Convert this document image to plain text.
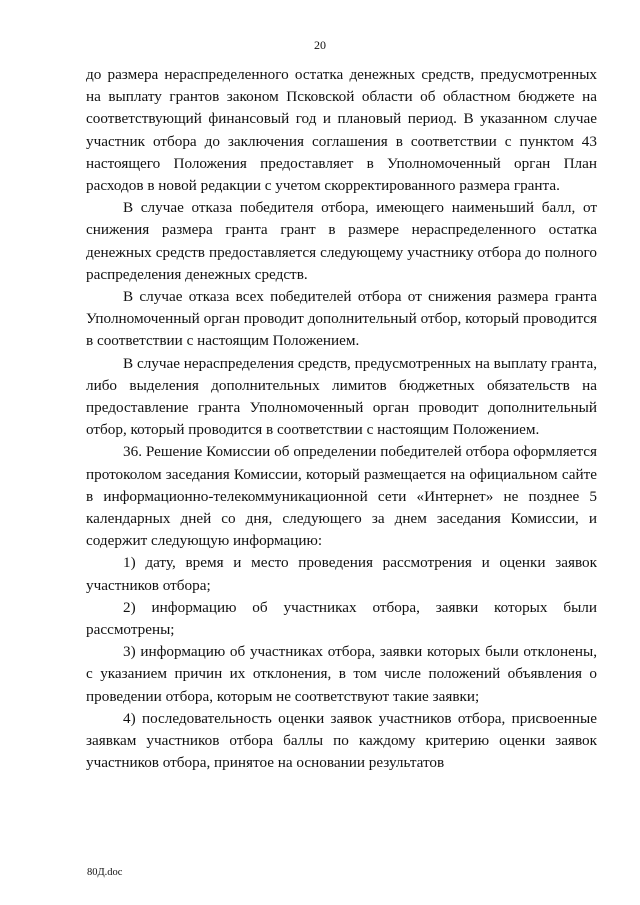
20

до размера нераспределенного остатка денежных средств, предусмотренных на выплату грантов законом Псковской области об областном бюджете на соответствующий финансовый год и плановый период. В указанном случае участник отбора до заключения соглашения в соответствии с пунктом 43 настоящего Положения предоставляет в Уполномоченный орган План расходов в новой редакции с учетом скорректированного размера гранта.

В случае отказа победителя отбора, имеющего наименьший балл, от снижения размера гранта грант в размере нераспределенного остатка денежных средств предоставляется следующему участнику отбора до полного распределения денежных средств.

В случае отказа всех победителей отбора от снижения размера гранта Уполномоченный орган проводит дополнительный отбор, который проводится в соответствии с настоящим Положением.

В случае нераспределения средств, предусмотренных на выплату гранта, либо выделения дополнительных лимитов бюджетных обязательств на предоставление гранта Уполномоченный орган проводит дополнительный отбор, который проводится в соответствии с настоящим Положением.

36. Решение Комиссии об определении победителей отбора оформляется протоколом заседания Комиссии, который размещается на официальном сайте в информационно-телекоммуникационной сети «Интернет» не позднее 5 календарных дней со дня, следующего за днем заседания Комиссии, и содержит следующую информацию:

1) дату, время и место проведения рассмотрения и оценки заявок участников отбора;

2) информацию об участниках отбора, заявки которых были рассмотрены;

3) информацию об участниках отбора, заявки которых были отклонены, с указанием причин их отклонения, в том числе положений объявления о проведении отбора, которым не соответствуют такие заявки;

4) последовательность оценки заявок участников отбора, присвоенные заявкам участников отбора баллы по каждому критерию оценки заявок участников отбора, принятое на основании результатов

80Д.doc
